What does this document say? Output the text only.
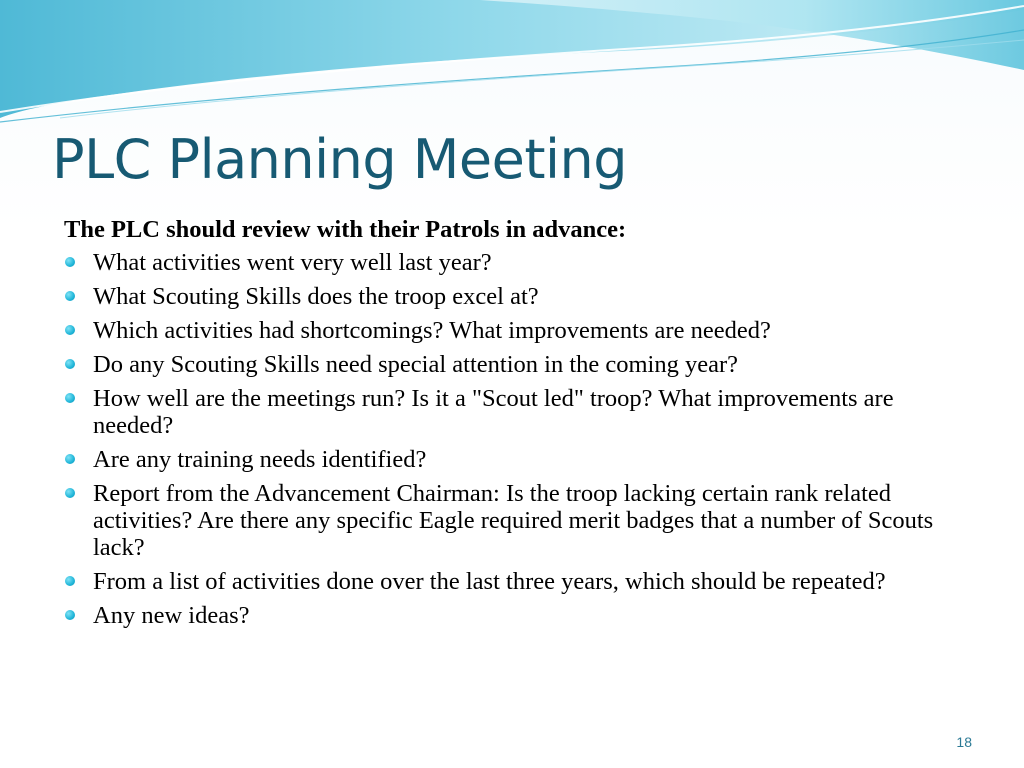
PLC Planning Meeting

The PLC should review with their Patrols in advance:

What activities went very well last year?
What Scouting Skills does the troop excel at?
Which activities had shortcomings? What improvements are needed?
Do any Scouting Skills need special attention in the coming year?
How well are the meetings run? Is it a "Scout led" troop? What improvements are needed?
Are any training needs identified?
Report from the Advancement Chairman: Is the troop lacking certain rank related activities? Are there any specific Eagle required merit badges that a number of Scouts lack?
From a list of activities done over the last three years, which should be repeated?
Any new ideas?
18
